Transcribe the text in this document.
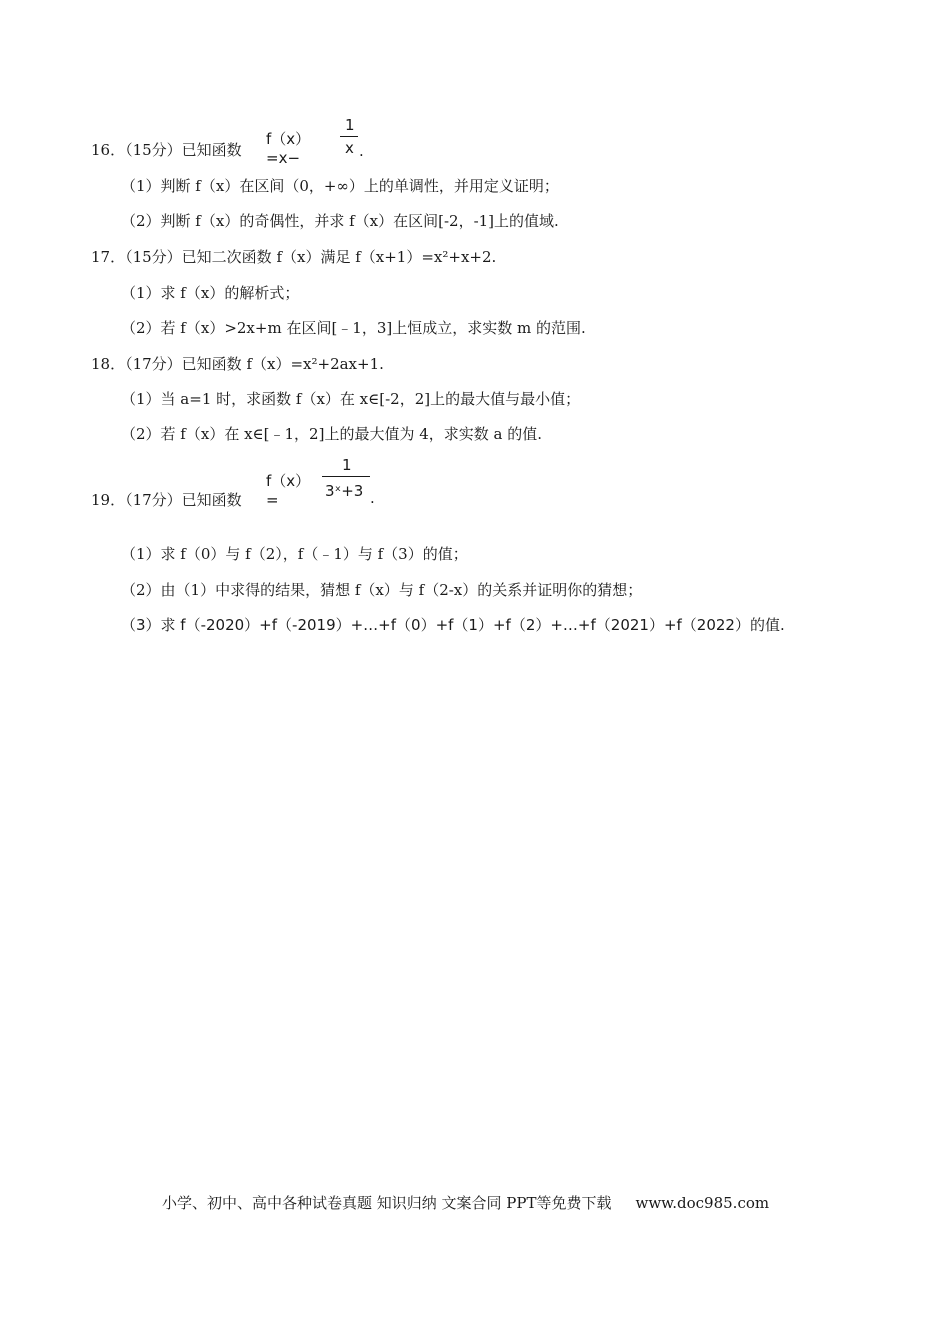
16．（15分）已知函数
f（x）=x−
1
x .
（1）判断 f（x）在区间（0，+∞）上的单调性，并用定义证明；
（2）判断 f（x）的奇偶性，并求 f（x）在区间[-2，-1]上的值域.
17．（15分）已知二次函数 f（x）满足 f（x+1）=x²+x+2.
（1）求 f（x）的解析式；
（2）若 f（x）>2x+m 在区间[﹣1，3]上恒成立，求实数 m 的范围.
18．（17分）已知函数 f（x）=x²+2ax+1.
（1）当 a=1 时，求函数 f（x）在 x∈[-2，2]上的最大值与最小值；
（2）若 f（x）在 x∈[﹣1，2]上的最大值为 4，求实数 a 的值.
19．（17分）已知函数
f（x）=
1
3ˣ+3 .
（1）求 f（0）与 f（2），f（﹣1）与 f（3）的值；
（2）由（1）中求得的结果，猜想 f（x）与 f（2-x）的关系并证明你的猜想；
（3）求 f（-2020）+f（-2019）+…+f（0）+f（1）+f（2）+…+f（2021）+f（2022）的值.
小学、初中、高中各种试卷真题 知识归纳 文案合同 PPT等免费下载 www.doc985.com
